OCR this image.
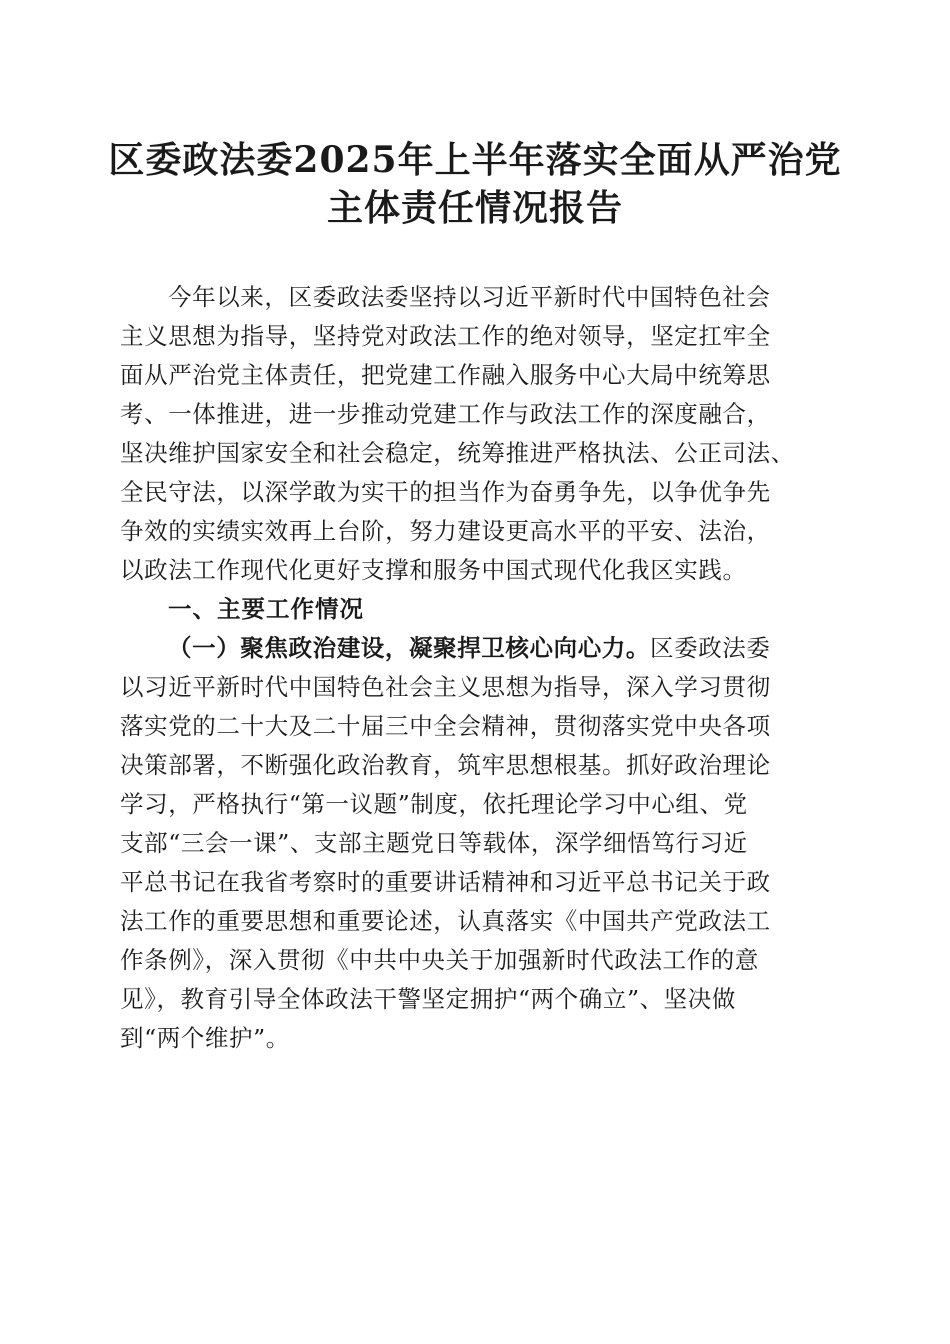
区委政法委2025年上半年落实全面从严治党
主体责任情况报告
今年以来，区委政法委坚持以习近平新时代中国特色社会
主义思想为指导，坚持党对政法工作的绝对领导，坚定扛牢全
面从严治党主体责任，把党建工作融入服务中心大局中统筹思
考、一体推进，进一步推动党建工作与政法工作的深度融合，
坚决维护国家安全和社会稳定，统筹推进严格执法、公正司法、
全民守法，以深学敢为实干的担当作为奋勇争先，以争优争先
争效的实绩实效再上台阶，努力建设更高水平的平安、法治，
以政法工作现代化更好支撑和服务中国式现代化我区实践。
一、主要工作情况
（一）聚焦政治建设，凝聚捍卫核心向心力。区委政法委
以习近平新时代中国特色社会主义思想为指导，深入学习贯彻
落实党的二十大及二十届三中全会精神，贯彻落实党中央各项
决策部署，不断强化政治教育，筑牢思想根基。抓好政治理论
学习，严格执行“第一议题”制度，依托理论学习中心组、党
支部“三会一课”、支部主题党日等载体，深学细悟笃行习近
平总书记在我省考察时的重要讲话精神和习近平总书记关于政
法工作的重要思想和重要论述，认真落实《中国共产党政法工
作条例》，深入贯彻《中共中央关于加强新时代政法工作的意
见》，教育引导全体政法干警坚定拥护“两个确立”、坚决做
到“两个维护”。
